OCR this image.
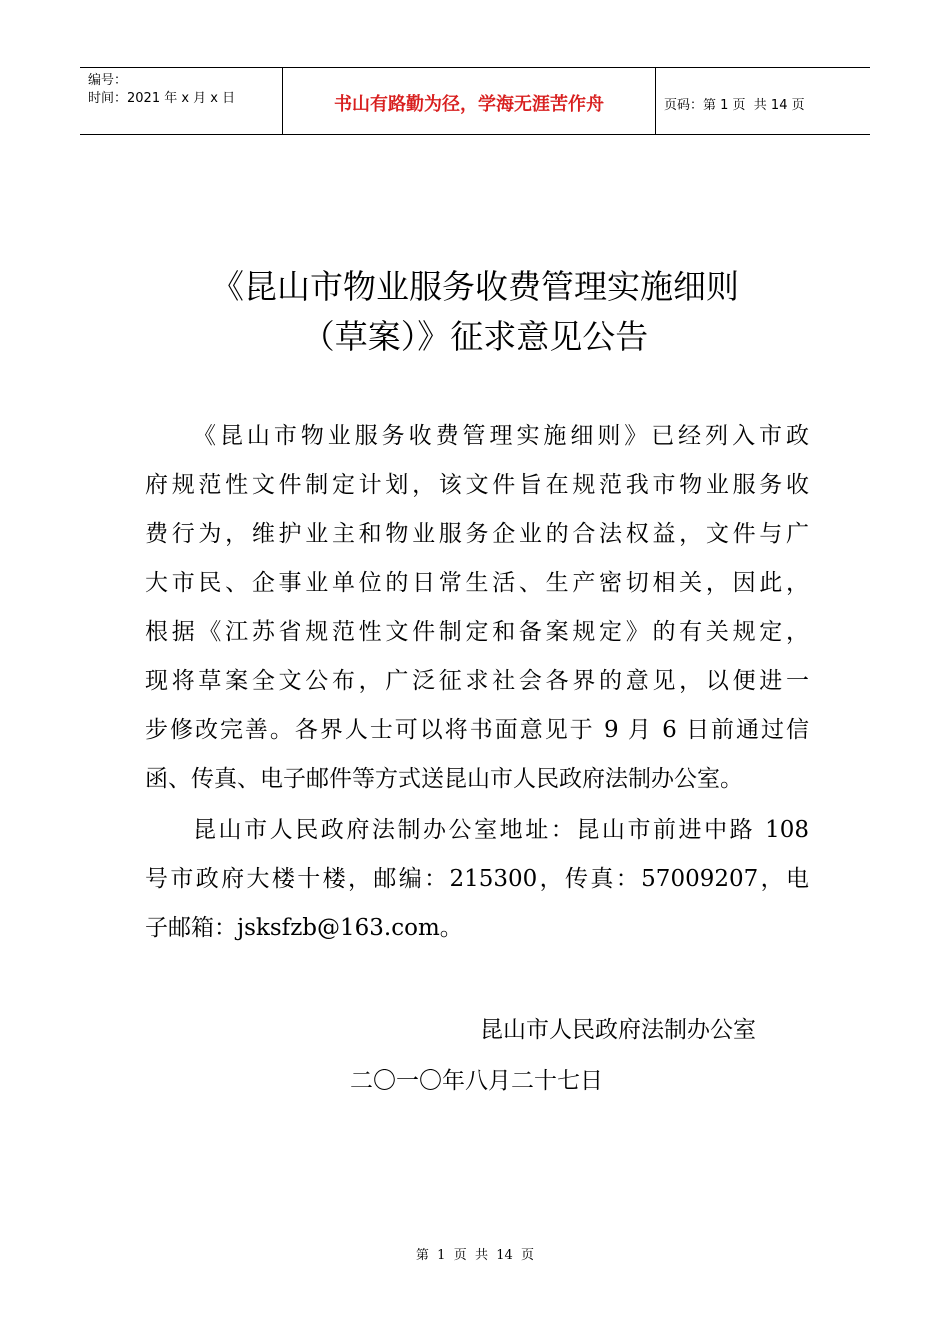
编号：
时间：2021 年 x 月 x 日	书山有路勤为径，学海无涯苦作舟	页码：第 1 页  共 14 页
《昆山市物业服务收费管理实施细则
（草案）》征求意见公告
《昆山市物业服务收费管理实施细则》已经列入市政
府规范性文件制定计划，该文件旨在规范我市物业服务收
费行为，维护业主和物业服务企业的合法权益，文件与广
大市民、企事业单位的日常生活、生产密切相关，因此，
根据《江苏省规范性文件制定和备案规定》的有关规定，
现将草案全文公布，广泛征求社会各界的意见，以便进一
步修改完善。各界人士可以将书面意见于 9 月 6 日前通过信
函、传真、电子邮件等方式送昆山市人民政府法制办公室。
昆山市人民政府法制办公室地址：昆山市前进中路 108
号市政府大楼十楼，邮编：215300，传真：57009207，电
子邮箱：jsksfzb@163.com。
昆山市人民政府法制办公室
二〇一〇年八月二十七日
第  1  页  共  14  页
